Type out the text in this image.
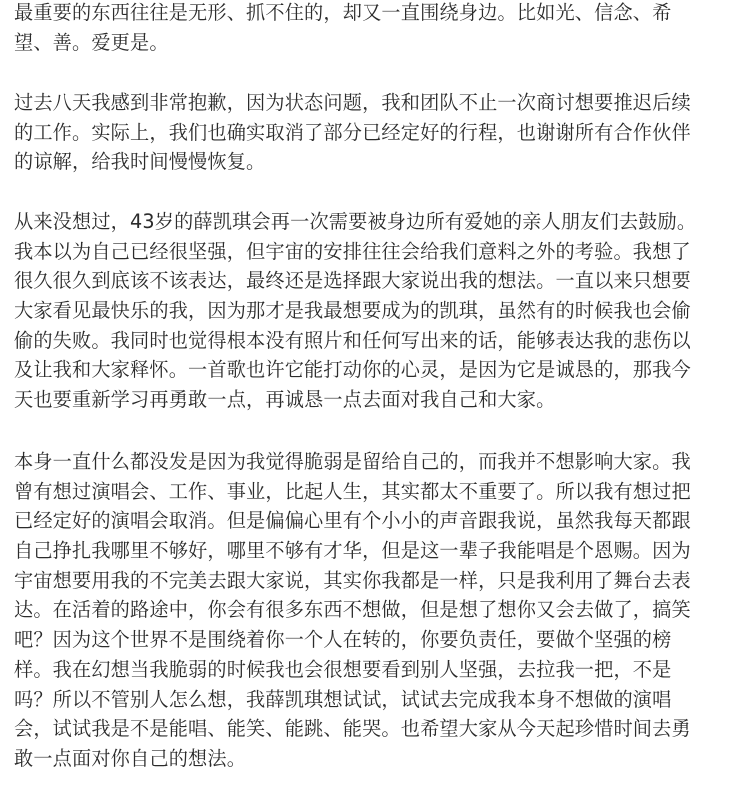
最重要的东西往往是无形、抓不住的，却又一直围绕身边。比如光、信念、希
望、善。爱更是。

过去八天我感到非常抱歉，因为状态问题，我和团队不止一次商讨想要推迟后续
的工作。实际上，我们也确实取消了部分已经定好的行程，也谢谢所有合作伙伴
的谅解，给我时间慢慢恢复。

从来没想过，43岁的薛凯琪会再一次需要被身边所有爱她的亲人朋友们去鼓励。
我本以为自己已经很坚强，但宇宙的安排往往会给我们意料之外的考验。我想了
很久很久到底该不该表达，最终还是选择跟大家说出我的想法。一直以来只想要
大家看见最快乐的我，因为那才是我最想要成为的凯琪，虽然有的时候我也会偷
偷的失败。我同时也觉得根本没有照片和任何写出来的话，能够表达我的悲伤以
及让我和大家释怀。一首歌也许它能打动你的心灵，是因为它是诚恳的，那我今
天也要重新学习再勇敢一点，再诚恳一点去面对我自己和大家。

本身一直什么都没发是因为我觉得脆弱是留给自己的，而我并不想影响大家。我
曾有想过演唱会、工作、事业，比起人生，其实都太不重要了。所以我有想过把
已经定好的演唱会取消。但是偏偏心里有个小小的声音跟我说，虽然我每天都跟
自己挣扎我哪里不够好，哪里不够有才华，但是这一辈子我能唱是个恩赐。因为
宇宙想要用我的不完美去跟大家说，其实你我都是一样，只是我利用了舞台去表
达。在活着的路途中，你会有很多东西不想做，但是想了想你又会去做了，搞笑
吧？因为这个世界不是围绕着你一个人在转的，你要负责任，要做个坚强的榜
样。我在幻想当我脆弱的时候我也会很想要看到别人坚强，去拉我一把，不是
吗？所以不管别人怎么想，我薛凯琪想试试，试试去完成我本身不想做的演唱
会，试试我是不是能唱、能笑、能跳、能哭。也希望大家从今天起珍惜时间去勇
敢一点面对你自己的想法。
